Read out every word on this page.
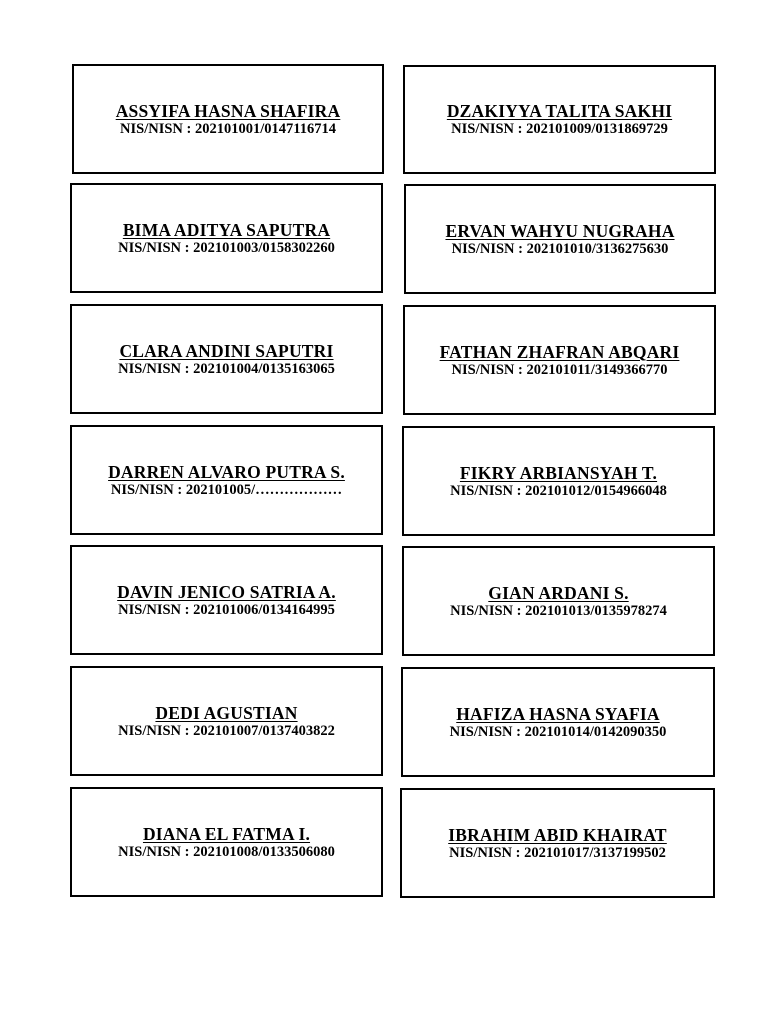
ASSYIFA HASNA SHAFIRA
NIS/NISN : 202101001/0147116714
DZAKIYYA TALITA SAKHI
NIS/NISN : 202101009/0131869729
BIMA ADITYA SAPUTRA
NIS/NISN : 202101003/0158302260
ERVAN WAHYU NUGRAHA
NIS/NISN : 202101010/3136275630
CLARA ANDINI SAPUTRI
NIS/NISN : 202101004/0135163065
FATHAN ZHAFRAN ABQARI
NIS/NISN : 202101011/3149366770
DARREN ALVARO PUTRA S.
NIS/NISN : 202101005/………………
FIKRY ARBIANSYAH T.
NIS/NISN : 202101012/0154966048
DAVIN JENICO SATRIA A.
NIS/NISN : 202101006/0134164995
GIAN ARDANI S.
NIS/NISN : 202101013/0135978274
DEDI AGUSTIAN
NIS/NISN : 202101007/0137403822
HAFIZA HASNA SYAFIA
NIS/NISN : 202101014/0142090350
DIANA EL FATMA I.
NIS/NISN : 202101008/0133506080
IBRAHIM ABID KHAIRAT
NIS/NISN : 202101017/3137199502
